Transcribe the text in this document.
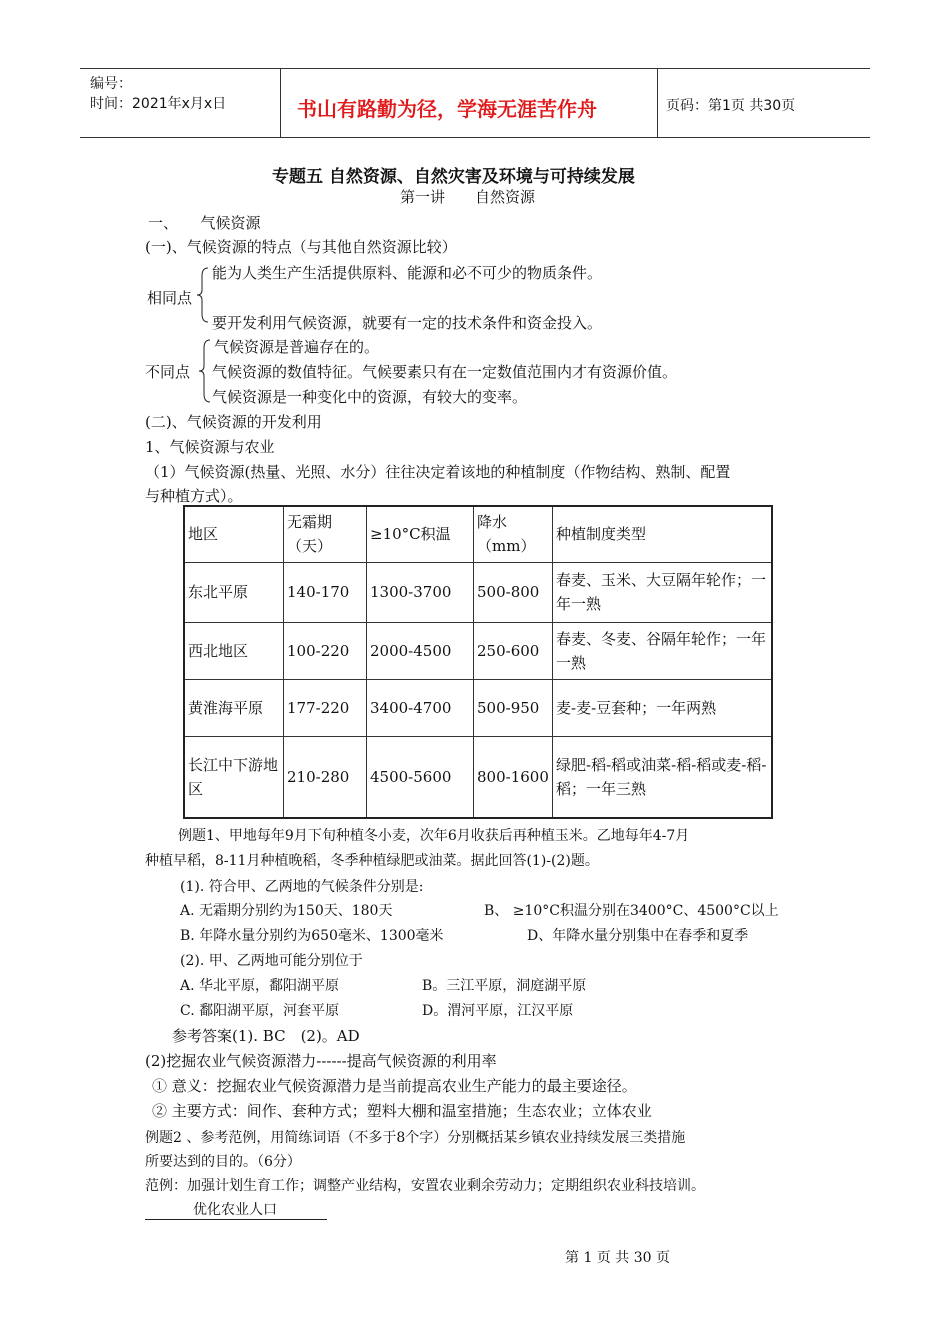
编号：
时间：2021年x月x日	书山有路勤为径，学海无涯苦作舟	页码：第1页 共30页
专题五 自然资源、自然灾害及环境与可持续发展
第一讲　　自然资源
一、　　气候资源
(一)、气候资源的特点（与其他自然资源比较）
能为人类生产生活提供原料、能源和必不可少的物质条件。
相同点
要开发利用气候资源，就要有一定的技术条件和资金投入。
气候资源是普遍存在的。
不同点 气候资源的数值特征。气候要素只有在一定数值范围内才有资源价值。
气候资源是一种变化中的资源，有较大的变率。
(二)、气候资源的开发利用
1、气候资源与农业
（1）气候资源(热量、光照、水分）往往决定着该地的种植制度（作物结构、熟制、配置
与种植方式）。
地区	无霜期（天）	≥10°C积温	降水（mm）	种植制度类型
东北平原	140-170	1300-3700	500-800	春麦、玉米、大豆隔年轮作；一年一熟
西北地区	100-220	2000-4500	250-600	春麦、冬麦、谷隔年轮作；一年一熟
黄淮海平原	177-220	3400-4700	500-950	麦-麦-豆套种；一年两熟
长江中下游地区	210-280	4500-5600	800-1600	绿肥-稻-稻或油菜-稻-稻或麦-稻-稻；一年三熟
例题1、甲地每年9月下旬种植冬小麦，次年6月收获后再种植玉米。乙地每年4-7月
种植早稻，8-11月种植晚稻，冬季种植绿肥或油菜。据此回答(1)-(2)题。
(1). 符合甲、乙两地的气候条件分别是:
A. 无霜期分别约为150天、180天	B、 ≥10°C积温分别在3400°C、4500°C以上
B. 年降水量分别约为650毫米、1300毫米	D、年降水量分别集中在春季和夏季
(2). 甲、乙两地可能分别位于
A. 华北平原，鄱阳湖平原	B。三江平原，洞庭湖平原
C. 鄱阳湖平原，河套平原	D。渭河平原，江汉平原
参考答案(1). BC　(2)。AD
(2)挖掘农业气候资源潜力------提高气候资源的利用率
① 意义：挖掘农业气候资源潜力是当前提高农业生产能力的最主要途径。
② 主要方式：间作、套种方式；塑料大棚和温室措施；生态农业；立体农业
例题2 、参考范例，用简练词语（不多于8个字）分别概括某乡镇农业持续发展三类措施
所要达到的目的。（6分）
范例：加强计划生育工作；调整产业结构，安置农业剩余劳动力；定期组织农业科技培训。
优化农业人口
第 1 页 共 30 页
